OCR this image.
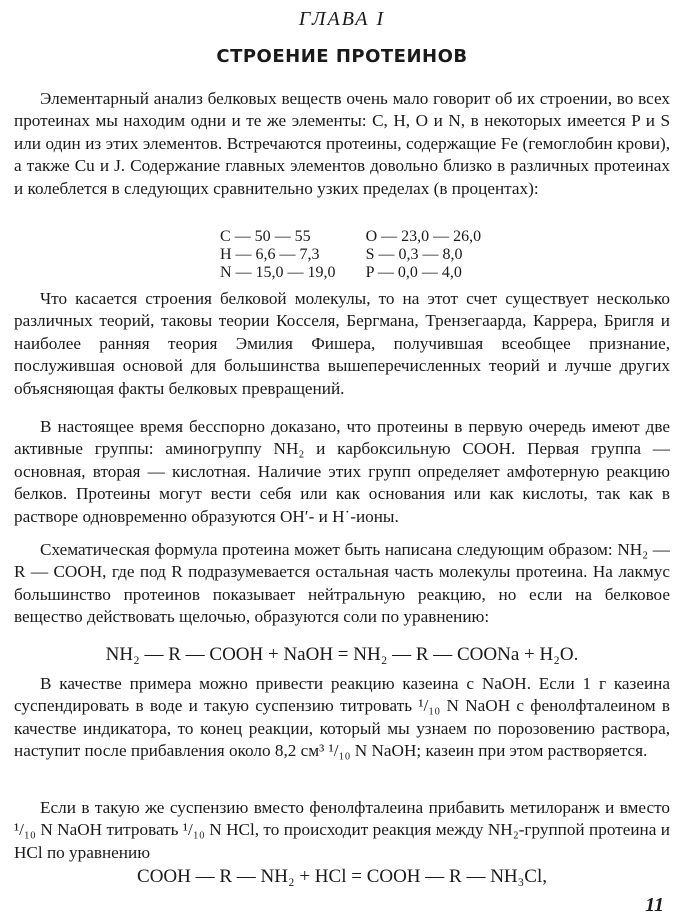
ГЛАВА I
СТРОЕНИЕ ПРОТЕИНОВ

Элементарный анализ белковых веществ очень мало говорит об их строении, во всех протеинах мы находим одни и те же элементы: C, H, O и N, в некоторых имеется P и S или один из этих элементов. Встречаются протеины, содержащие Fe (гемоглобин крови), а также Cu и J. Содержание главных элементов довольно близко в различных протеинах и колеблется в следующих сравнительно узких пределах (в процентах):

C — 50 — 55	O — 23,0 — 26,0
H — 6,6 — 7,3	S — 0,3 — 8,0
N — 15,0 — 19,0	P — 0,0 — 4,0

Что касается строения белковой молекулы, то на этот счет существует несколько различных теорий, таковы теории Косселя, Бергмана, Трензегаарда, Каррера, Бригля и наиболее ранняя теория Эмилия Фишера, получившая всеобщее признание, послужившая основой для большинства вышеперечисленных теорий и лучше других объясняющая факты белковых превращений.

В настоящее время бесспорно доказано, что протеины в первую очередь имеют две активные группы: аминогруппу NH₂ и карбоксильную COOH. Первая группа — основная, вторая — кислотная. Наличие этих групп определяет амфотерную реакцию белков. Протеины могут вести себя или как основания или как кислоты, так как в растворе одновременно образуются OH′- и H˙-ионы.

Схематическая формула протеина может быть написана следующим образом: NH₂ — R — COOH, где под R подразумевается остальная часть молекулы протеина. На лакмус большинство протеинов показывает нейтральную реакцию, но если на белковое вещество действовать щелочью, образуются соли по уравнению:

NH₂ — R — COOH + NaOH = NH₂ — R — COONa + H₂O.

В качестве примера можно привести реакцию казеина с NaOH. Если 1 г казеина суспендировать в воде и такую суспензию титровать ¹/₁₀ N NaOH с фенолфталеином в качестве индикатора, то конец реакции, который мы узнаем по порозовению раствора, наступит после прибавления около 8,2 см³ ¹/₁₀ N NaOH; казеин при этом растворяется.

Если в такую же суспензию вместо фенолфталеина прибавить метилоранж и вместо ¹/₁₀ N NaOH титровать ¹/₁₀ N HCl, то происходит реакция между NH₂-группой протеина и HCl по уравнению

COOH — R — NH₂ + HCl = COOH — R — NH₃Cl,
11
